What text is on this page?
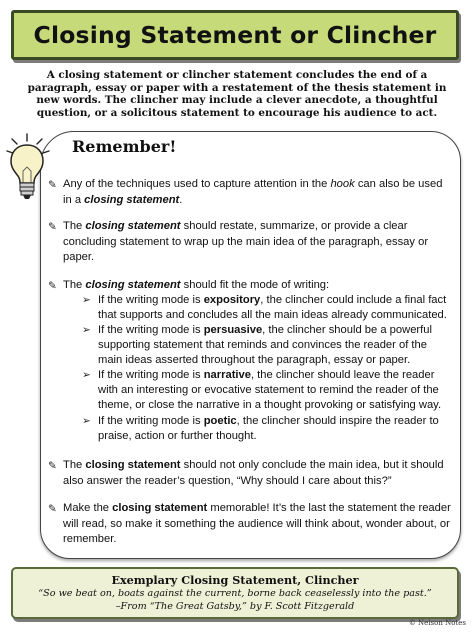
Closing Statement or Clincher
A closing statement or clincher statement concludes the end of a paragraph, essay or paper with a restatement of the thesis statement in new words. The clincher may include a clever anecdote, a thoughtful question, or a solicitous statement to encourage his audience to act.
Remember!
✎ Any of the techniques used to capture attention in the hook can also be used in a closing statement.
✎ The closing statement should restate, summarize, or provide a clear concluding statement to wrap up the main idea of the paragraph, essay or paper.
✎ The closing statement should fit the mode of writing:
➢ If the writing mode is expository, the clincher could include a final fact that supports and concludes all the main ideas already communicated.
➢ If the writing mode is persuasive, the clincher should be a powerful supporting statement that reminds and convinces the reader of the main ideas asserted throughout the paragraph, essay or paper.
➢ If the writing mode is narrative, the clincher should leave the reader with an interesting or evocative statement to remind the reader of the theme, or close the narrative in a thought provoking or satisfying way.
➢ If the writing mode is poetic, the clincher should inspire the reader to praise, action or further thought.
✎ The closing statement should not only conclude the main idea, but it should also answer the reader’s question, “Why should I care about this?”
✎ Make the closing statement memorable! It’s the last the statement the reader will read, so make it something the audience will think about, wonder about, or remember.
Exemplary Closing Statement, Clincher
“So we beat on, boats against the current, borne back ceaselessly into the past.”
–From “The Great Gatsby,” by F. Scott Fitzgerald
© Nelson Notes
